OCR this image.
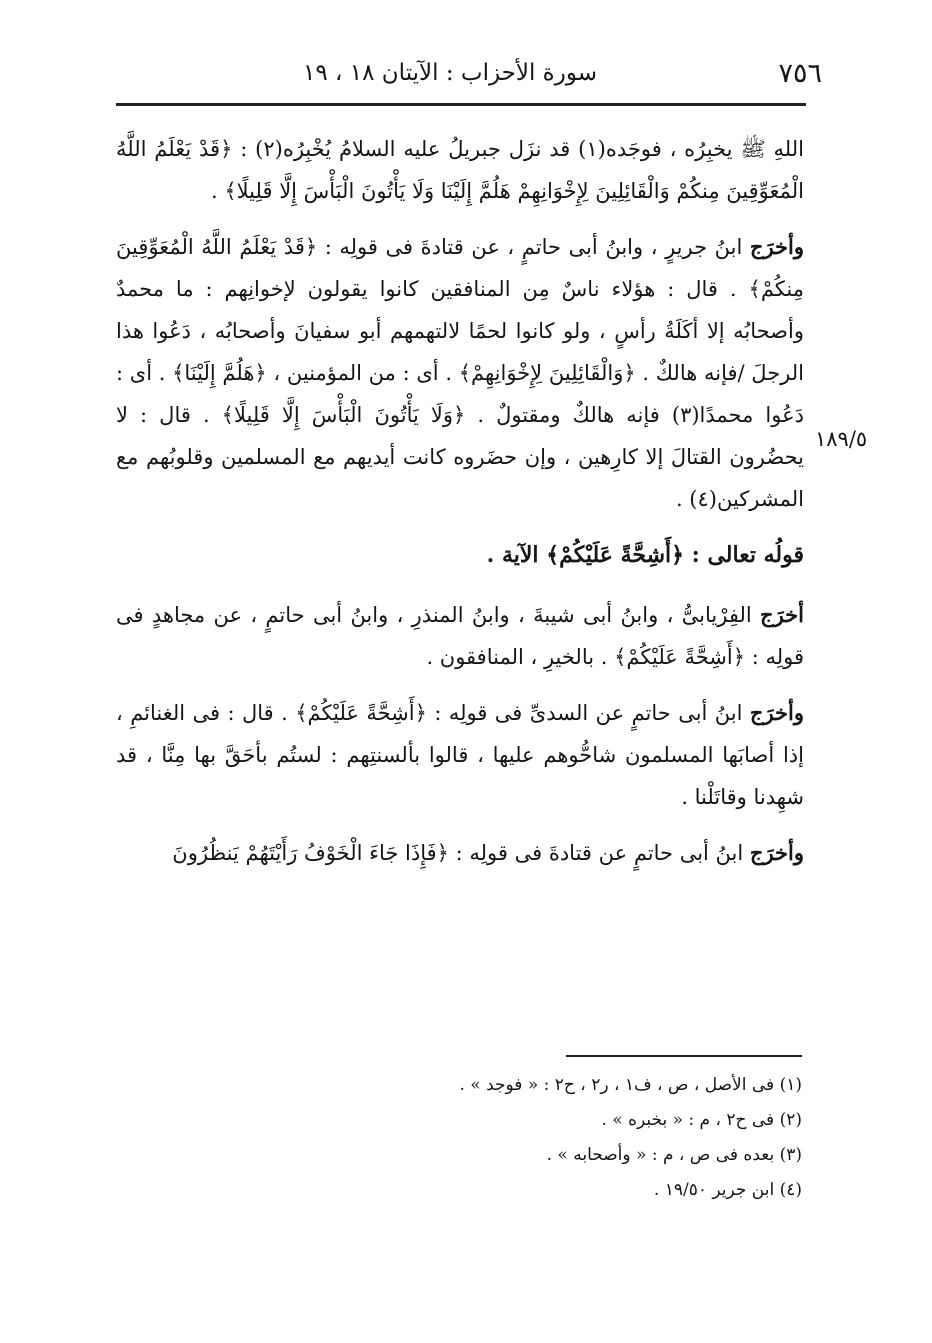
٧٥٦
سورة الأحزاب : الآيتان ١٨ ، ١٩
١٨٩/٥

اللهِ ﷺ يخبِرُه ، فوجَده(١) قد نزَل جبريلُ عليه السلامُ يُخْبِرُه(٢) : ﴿قَدْ يَعْلَمُ اللَّهُ الْمُعَوِّقِينَ مِنكُمْ وَالْقَائِلِينَ لِإِخْوَانِهِمْ هَلُمَّ إِلَيْنَا وَلَا يَأْتُونَ الْبَأْسَ إِلَّا قَلِيلًا﴾ .

وأخرَج ابنُ جريرٍ ، وابنُ أبى حاتمٍ ، عن قتادةَ فى قولِه : ﴿قَدْ يَعْلَمُ اللَّهُ الْمُعَوِّقِينَ مِنكُمْ﴾ . قال : هؤلاء ناسٌ مِن المنافقين كانوا يقولون لإخوانِهم : ما محمدٌ وأصحابُه إلا أكَلَةُ رأسٍ ، ولو كانوا لحمًا لالتهمهم أبو سفيانَ وأصحابُه ، دَعُوا هذا الرجلَ /فإنه هالكٌ . ﴿وَالْقَائِلِينَ لِإِخْوَانِهِمْ﴾ . أى : من المؤمنين ، ﴿هَلُمَّ إِلَيْنَا﴾ . أى : دَعُوا محمدًا(٣) فإنه هالكٌ ومقتولٌ . ﴿وَلَا يَأْتُونَ الْبَأْسَ إِلَّا قَلِيلًا﴾ . قال : لا يحضُرون القتالَ إلا كارِهين ، وإن حضَروه كانت أيديهم مع المسلمين وقلوبُهم مع المشركين(٤) .

قولُه تعالى : ﴿أَشِحَّةً عَلَيْكُمْ﴾ الآية .

أخرَج الفِرْيابىُّ ، وابنُ أبى شيبةَ ، وابنُ المنذرِ ، وابنُ أبى حاتمٍ ، عن مجاهدٍ فى قولِه : ﴿أَشِحَّةً عَلَيْكُمْ﴾ . بالخيرِ ، المنافقون .

وأخرَج ابنُ أبى حاتمٍ عن السدىِّ فى قولِه : ﴿أَشِحَّةً عَلَيْكُمْ﴾ . قال : فى الغنائمِ ، إذا أصابَها المسلمون شاحُّوهم عليها ، قالوا بألسنتِهم : لستُم بأحَقَّ بها مِنَّا ، قد شهِدنا وقاتَلْنا .

وأخرَج ابنُ أبى حاتمٍ عن قتادةَ فى قولِه : ﴿فَإِذَا جَاءَ الْخَوْفُ رَأَيْتَهُمْ يَنظُرُونَ

(١) فى الأصل ، ص ، ف١ ، ر٢ ، ح٢ : « فوجد » .

(٢) فى ح٢ ، م : « بخبره » .

(٣) بعده فى ص ، م : « وأصحابه » .

(٤) ابن جرير ١٩/٥٠ .
